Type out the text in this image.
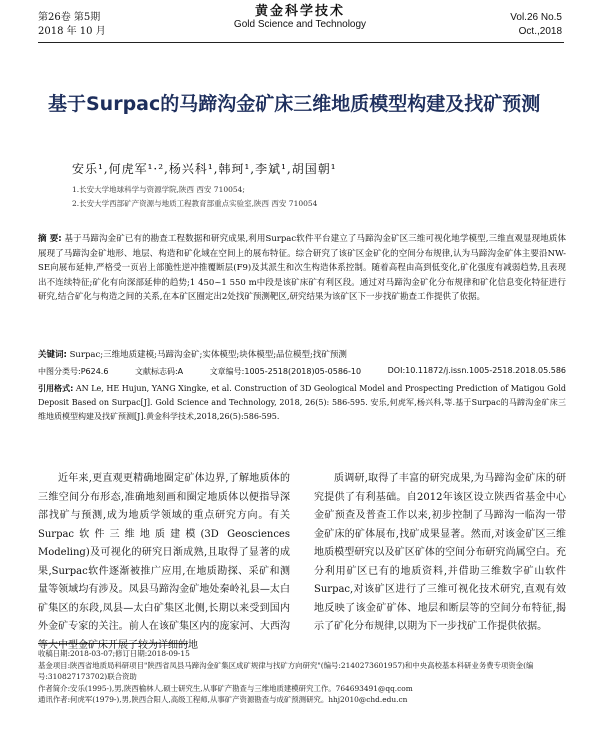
第26卷 第5期
2018 年 10 月
黄金科学技术
Gold Science and Technology
Vol.26 No.5
Oct.,2018
基于Surpac的马蹄沟金矿床三维地质模型构建及找矿预测
安乐¹,何虎军¹·²,杨兴科¹,韩珂¹,李斌¹,胡国朝¹
1.长安大学地球科学与资源学院,陕西 西安 710054;
2.长安大学西部矿产资源与地质工程教育部重点实验室,陕西 西安 710054
摘 要: 基于马蹄沟金矿已有的勘查工程数据和研究成果,利用Surpac软件平台建立了马蹄沟金矿区三维可视化地学模型,三维直观显现地质体展现了马蹄沟金矿地形、地层、构造和矿化域在空间上的展布特征。综合研究了该矿区金矿化的空间分布规律,认为马蹄沟金矿体主要沿NW-SE向展布延伸,严格受一页岩上部脆性逆冲推覆断层(F9)及其派生和次生构造体系控制。随着高程由高到低变化,矿化强度有减弱趋势,且表现出不连续特征;矿化有向深部延伸的趋势;1 450~1 550 m中段是该矿床矿有利区段。通过对马蹄沟金矿化分布规律和矿化信息变化特征进行研究,结合矿化与构造之间的关系,在本矿区圈定出2处找矿预测靶区,研究结果为该矿区下一步找矿勘查工作提供了依据。
关键词: Surpac;三维地质建模;马蹄沟金矿;实体模型;块体模型;品位模型;找矿预测
中图分类号:P624.6	文献标志码:A	文章编号:1005-2518(2018)05-0586-10	DOI:10.11872/j.issn.1005-2518.2018.05.586
引用格式: AN Le, HE Hujun, YANG Xingke, et al. Construction of 3D Geological Model and Prospecting Prediction of Matigou Gold Deposit Based on Surpac[J]. Gold Science and Technology, 2018, 26(5): 586-595. 安乐,何虎军,杨兴科,等.基于Surpac的马蹄沟金矿床三维地质模型构建及找矿预测[J].黄金科学技术,2018,26(5):586-595.
近年来,更直观更精确地圈定矿体边界,了解地质体的三维空间分布形态,准确地刻画和圈定地质体以便指导深部找矿与预测,成为地质学领域的重点研究方向。有关Surpac软件三维地质建模(3D Geosciences Modeling)及可视化的研究日渐成熟,且取得了显著的成果,Surpac软件逐渐被推广应用,在地质勘探、采矿和测量等领域均有涉及。凤县马蹄沟金矿地处秦岭礼县—太白矿集区的东段,凤县—太白矿集区北侧,长期以来受到国内外金矿专家的关注。前人在该矿集区内的庞家河、大西沟等大中型金矿床开展了较为详细的地
质调研,取得了丰富的研究成果,为马蹄沟金矿床的研究提供了有利基础。自2012年该区设立陕西省基金中心金矿预查及普查工作以来,初步控制了马蹄沟一临沟一带金矿床的矿体展布,找矿成果显著。然而,对该金矿区三维地质模型研究以及矿区矿体的空间分布研究尚属空白。充分利用矿区已有的地质资料,并借助三维数字矿山软件Surpac,对该矿区进行了三维可视化技术研究,直观有效地反映了该金矿矿体、地层和断层等的空间分布特征,揭示了矿化分布规律,以期为下一步找矿工作提供依据。

收稿日期:2018-03-07;修订日期:2018-09-15

基金项目:陕西省地质局科研项目"陕西省凤县马蹄沟金矿集区成矿规律与找矿方向研究"(编号:2140273601957)和中央高校基本科研业务费专项资金(编号:310827173702)联合资助

作者简介:安乐(1995-),男,陕西榆林人,硕士研究生,从事矿产勘查与三维地质建模研究工作。764693491@qq.com

通讯作者:何虎军(1979-),男,陕西合阳人,高级工程师,从事矿产资源勘查与成矿预测研究。hhj2010@chd.edu.cn
